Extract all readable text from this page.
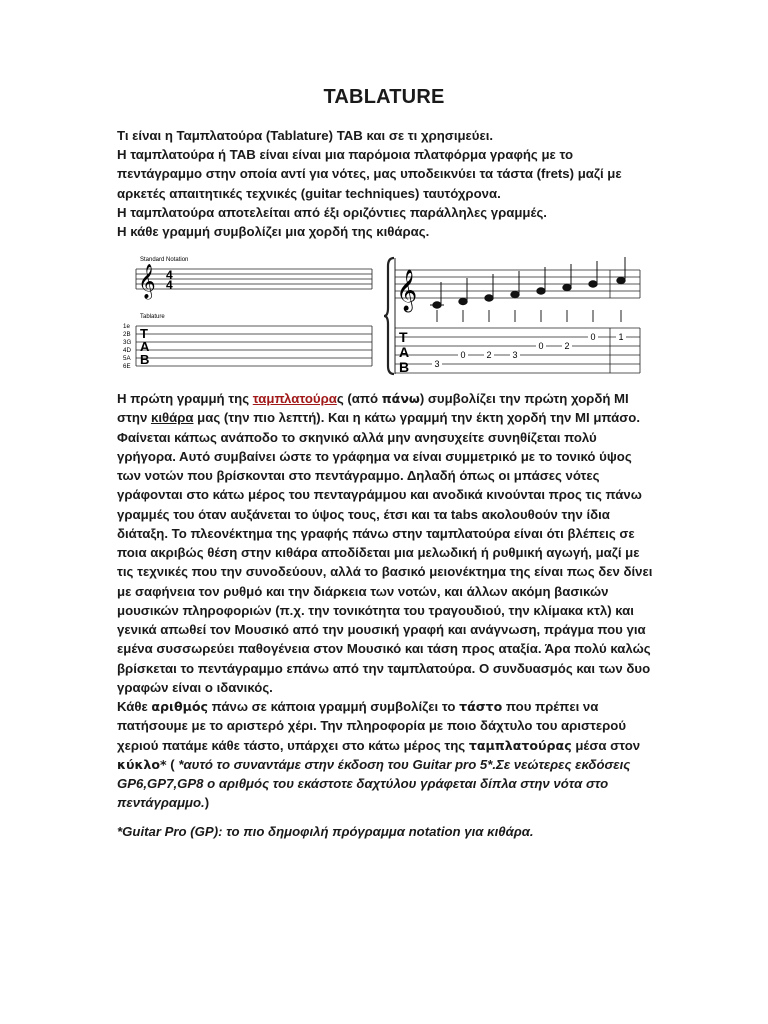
TABLATURE

Τι είναι η Ταμπλατούρα (Tablature) TAB και σε τι χρησιμεύει.

Η ταμπλατούρα ή TAB είναι είναι μια παρόμοια πλατφόρμα γραφής με το πεντάγραμμο στην οποία αντί για νότες, μας υποδεικνύει τα τάστα (frets) μαζί με αρκετές απαιτητικές τεχνικές (guitar techniques) ταυτόχρονα.

Η ταμπλατούρα αποτελείται από έξι οριζόντιες παράλληλες γραμμές.

Η κάθε γραμμή συμβολίζει μια χορδή της κιθάρας.

Standard Notation
𝄞 4
4
Tablature
1e
2B
3G
4D
5A
6E
T
A
B
𝄞
T
A
B	3
0 2 3
0 2
0	1

Η πρώτη γραμμή της ταμπλατούρας (από πάνω) συμβολίζει την πρώτη χορδή ΜΙ στην κιθάρα μας (την πιο λεπτή). Και η κάτω γραμμή την έκτη χορδή την ΜΙ μπάσο. Φαίνεται κάπως ανάποδο το σκηνικό αλλά μην ανησυχείτε συνηθίζεται πολύ γρήγορα. Αυτό συμβαίνει ώστε το γράφημα να είναι συμμετρικό με το τονικό ύψος των νοτών που βρίσκονται στο πεντάγραμμο. Δηλαδή όπως οι μπάσες νότες γράφονται στο κάτω μέρος του πενταγράμμου και ανοδικά κινούνται προς τις πάνω γραμμές του όταν αυξάνεται το ύψος τους, έτσι και τα tabs ακολουθούν την ίδια διάταξη. Το πλεονέκτημα της γραφής πάνω στην ταμπλατούρα είναι ότι βλέπεις σε ποια ακριβώς θέση στην κιθάρα αποδίδεται μια μελωδική ή ρυθμική αγωγή, μαζί με τις τεχνικές που την συνοδεύουν, αλλά το βασικό μειονέκτημα της είναι πως δεν δίνει με σαφήνεια τον ρυθμό και την διάρκεια των νοτών, και άλλων ακόμη βασικών μουσικών πληροφοριών (π.χ. την τονικότητα του τραγουδιού, την κλίμακα κτλ) και γενικά απωθεί τον Μουσικό από την μουσική γραφή και ανάγνωση, πράγμα που για εμένα συσσωρεύει παθογένεια στον Μουσικό και τάση προς αταξία. Άρα πολύ καλώς βρίσκεται το πεντάγραμμο επάνω από την ταμπλατούρα. Ο συνδυασμός και των δυο γραφών είναι ο ιδανικός.

Κάθε αριθμός πάνω σε κάποια γραμμή συμβολίζει το τάστο που πρέπει να πατήσουμε με το αριστερό χέρι. Την πληροφορία με ποιο δάχτυλο του αριστερού χεριού πατάμε κάθε τάστο, υπάρχει στο κάτω μέρος της ταμπλατούρας μέσα στον κύκλο* ( *αυτό το συναντάμε στην έκδοση του Guitar pro 5*.Σε νεώτερες εκδόσεις GP6,GP7,GP8 ο αριθμός του εκάστοτε δαχτύλου γράφεται δίπλα στην νότα στο πεντάγραμμο.)

*Guitar Pro (GP): το πιο δημοφιλή πρόγραμμα notation για κιθάρα.
